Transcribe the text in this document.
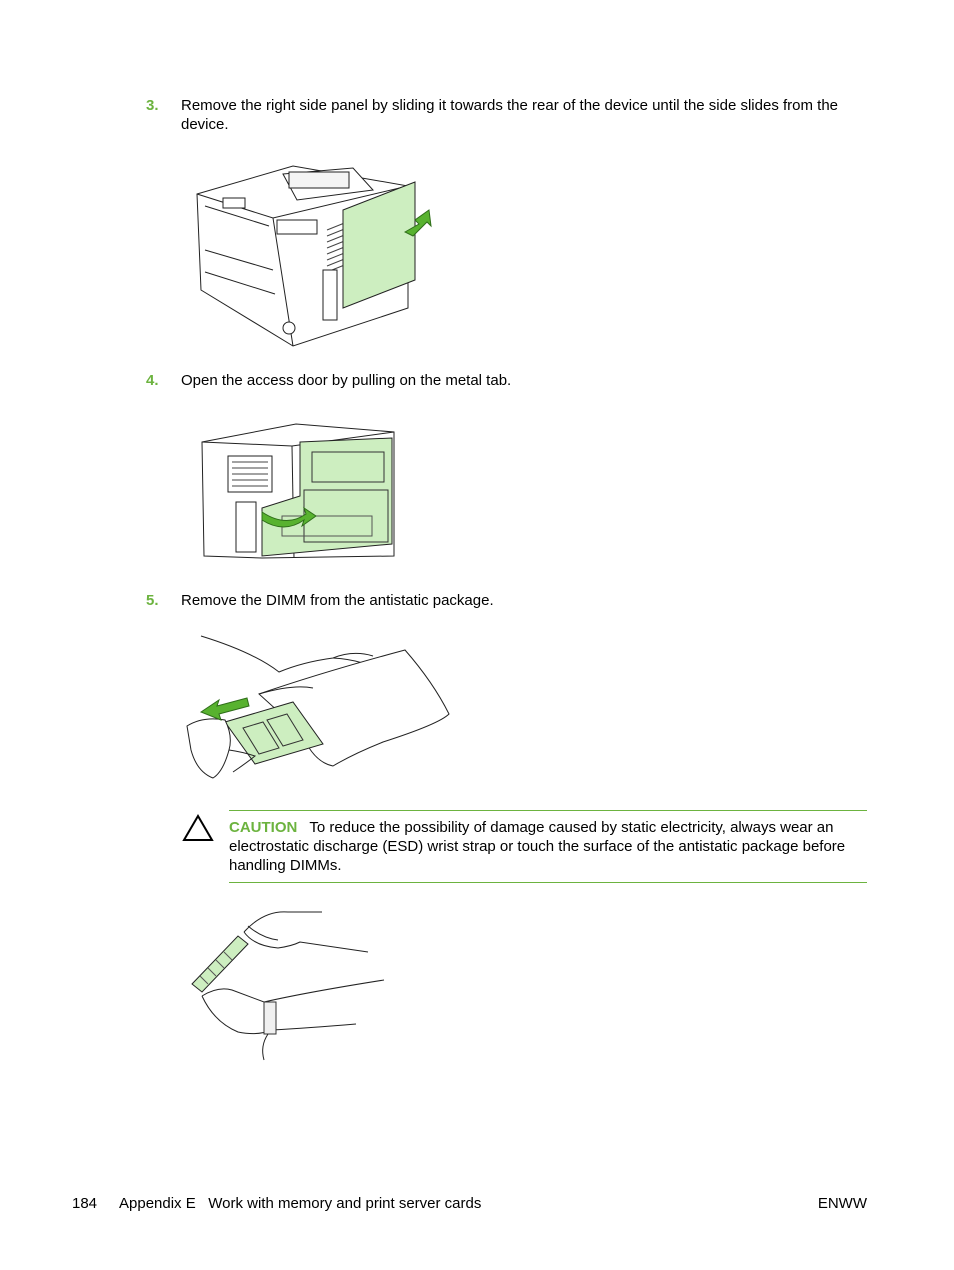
3. Remove the right side panel by sliding it towards the rear of the device until the side slides from the device.
4. Open the access door by pulling on the metal tab.
5. Remove the DIMM from the antistatic package.
CAUTION To reduce the possibility of damage caused by static electricity, always wear an electrostatic discharge (ESD) wrist strap or touch the surface of the antistatic package before handling DIMMs.
184 Appendix E   Work with memory and print server cards	ENWW
